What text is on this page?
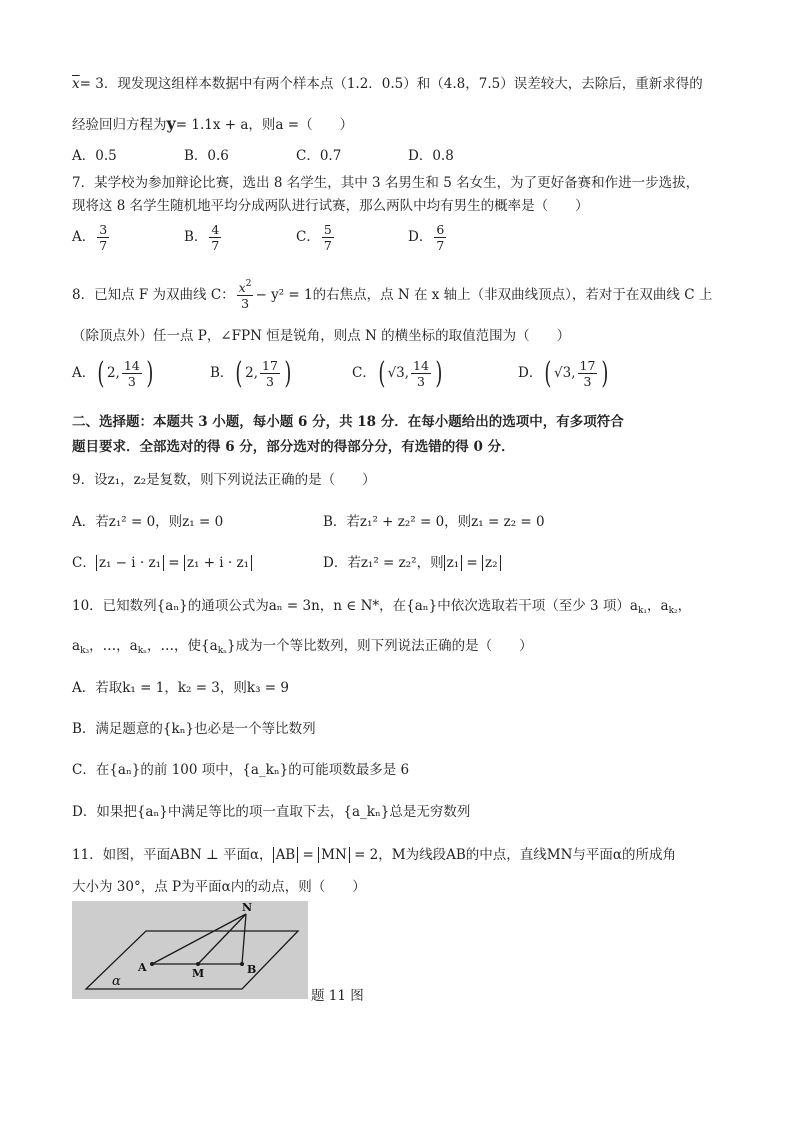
$\overline{x}= 3$．现发现这组样本数据中有两个样本点（1.2．0.5）和（4.8，7.5）误差较大，去除后，重新求得的
经验回归方程为y= 1.1x + a，则a =（　　）
A．0.5	B．0.6	C．0.7	D．0.8
7．某学校为参加辩论比赛，选出 8 名学生，其中 3 名男生和 5 名女生，为了更好备赛和作进一步选拔，
现将这 8 名学生随机地平均分成两队进行试赛，那么两队中均有男生的概率是（　　）
A． $\frac{3}{7}$	B． $\frac{4}{7}$	C． $\frac{5}{7}$	D． $\frac{6}{7}$
8．已知点 F 为双曲线 C： $\frac{x^2}{3} - y^2 = 1$的右焦点，点 N 在 x 轴上（非双曲线顶点），若对于在双曲线 C 上
（除顶点外）任一点 P，∠FPN 恒是锐角，则点 N 的横坐标的取值范围为（　　）
A．( 2, $\frac{14}{3}$ )	B．( 2, $\frac{17}{3}$ )	C．( √3, $\frac{14}{3}$ )	D．( √3, $\frac{17}{3}$ )
二、选择题：本题共 3 小题，每小题 6 分，共 18 分．在每小题给出的选项中，有多项符合
题目要求．全部选对的得 6 分，部分选对的得部分分，有选错的得 0 分．
9．设z₁，z₂是复数，则下列说法正确的是（　　）
A．若z₁² = 0，则z₁ = 0	B．若z₁² + z₂² = 0，则z₁ = z₂ = 0
C． z₁ − i · z₁ = z₁ + i · z₁	D．若z₁² = z₂²，则 z₁ = z₂
10．已知数列{aₙ}的通项公式为aₙ = 3n，n ∈ N*，在{aₙ}中依次选取若干项（至少 3 项）$a_{k_1}$，$a_{k_2}$，
$a_{k_3}$，…，$a_{k_n}$，…，使$\{a_{k_n}\}$成为一个等比数列，则下列说法正确的是（　　）
A．若取k₁ = 1，k₂ = 3，则k₃ = 9
B．满足题意的{kₙ}也必是一个等比数列
C．在{aₙ}的前 100 项中，{a_kₙ}的可能项数最多是 6
D．如果把{aₙ}中满足等比的项一直取下去，{a_kₙ}总是无穷数列
11．如图，平面ABN ⊥ 平面α， AB = MN = 2，M为线段AB的中点，直线MN与平面α的所成角
大小为 30°，点 P为平面α内的动点，则（　　）
N
A	M	B
α
题 11 图
